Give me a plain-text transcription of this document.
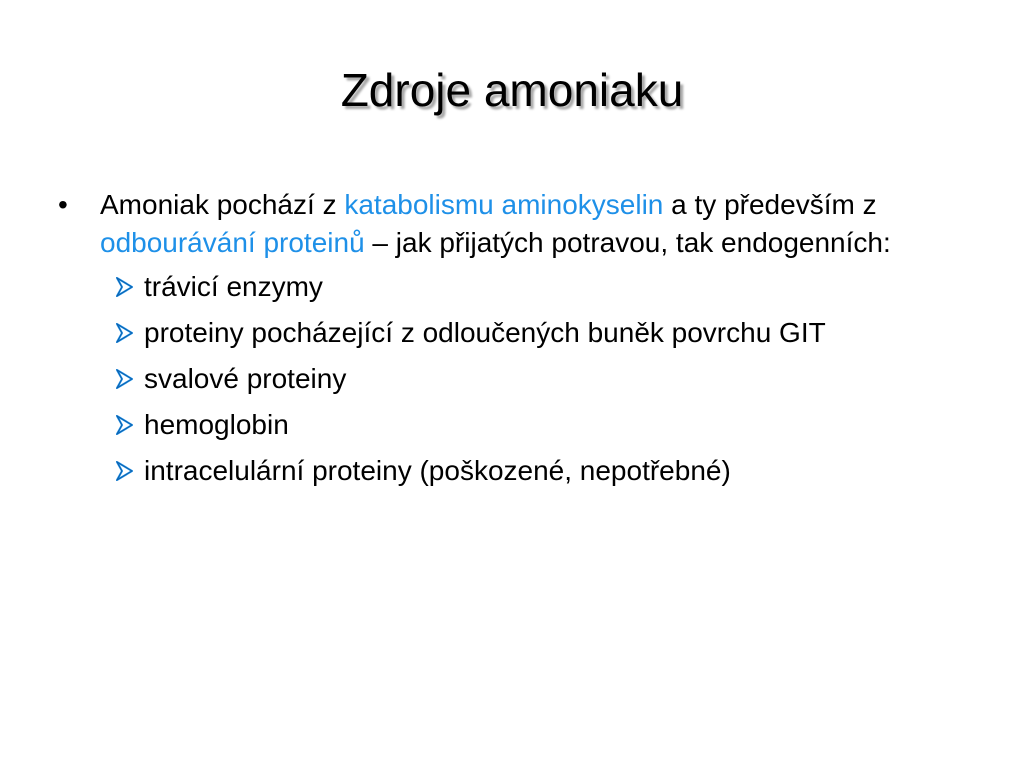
Zdroje amoniaku
•	Amoniak pochází z katabolismu aminokyselin a ty především z odbourávání proteinů – jak přijatých potravou, tak endogenních:
trávicí enzymy
proteiny pocházející z odloučených buněk povrchu GIT
svalové proteiny
hemoglobin
intracelulární proteiny (poškozené, nepotřebné)
